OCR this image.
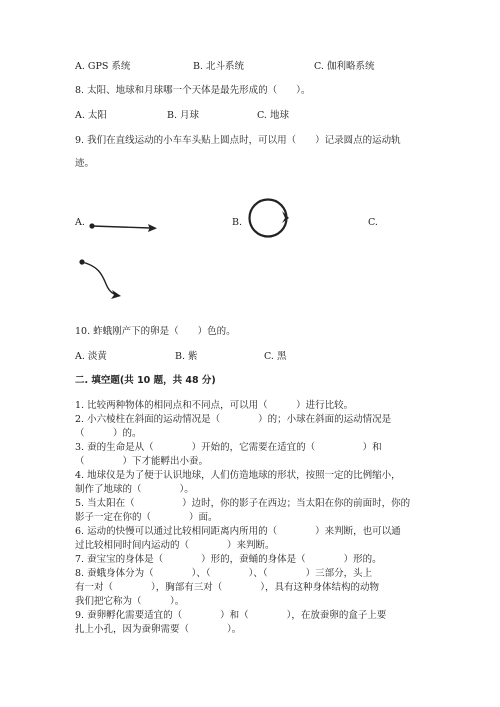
A. GPS 系统	B. 北斗系统	C. 伽利略系统
8. 太阳、地球和月球哪一个天体是最先形成的（　　）。
A. 太阳	B. 月球	C. 地球
9. 我们在直线运动的小车车头贴上圆点时，可以用（　　）记录圆点的运动轨
迹。
A.	B.	C.
10. 蚱蛾刚产下的卵是（　　）色的。
A. 淡黄	B. 紫	C. 黑
二. 填空题(共 10 题，共 48 分)
1. 比较两种物体的相同点和不同点，可以用（　　　）进行比较。
2. 小六棱柱在斜面的运动情况是（　　　　）的；小球在斜面的运动情况是
（　　　）的。
3. 蚕的生命是从（　　　　）开始的，它需要在适宜的（　　　　　）和
（　　　　）下才能孵出小蚕。
4. 地球仪是为了便于认识地球，人们仿造地球的形状，按照一定的比例缩小，
制作了地球的（　　　　）。
5. 当太阳在（　　　　　）边时，你的影子在西边；当太阳在你的前面时，你的
影子一定在你的（　　　　）面。
6. 运动的快慢可以通过比较相同距离内所用的（　　　　）来判断，也可以通
过比较相同时间内运动的（　　　　）来判断。
7. 蚕宝宝的身体是（　　　　）形的，蚕蛹的身体是（　　　　）形的。
8. 蚕蛾身体分为（　　　　）、（　　　　）、（　　　　）三部分，头上
有一对（　　　　），胸部有三对（　　　　），具有这种身体结构的动物
我们把它称为（　　　）。
9. 蚕卵孵化需要适宜的（　　　　）和（　　　　），在放蚕卵的盒子上要
扎上小孔，因为蚕卵需要（　　　　）。
